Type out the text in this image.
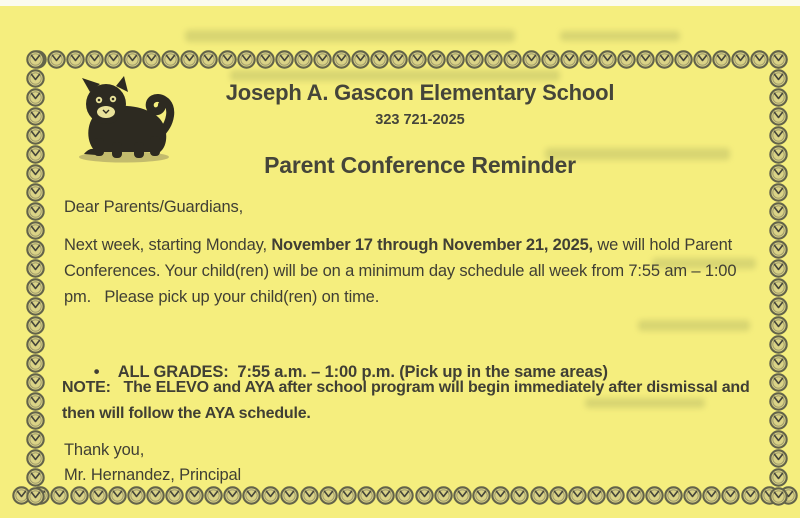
Joseph A. Gascon Elementary School
323 721-2025
Parent Conference Reminder
Dear Parents/Guardians,

Next week, starting Monday, November 17 through November 21, 2025, we will hold Parent Conferences. Your child(ren) will be on a minimum day schedule all week from 7:55 am – 1:00 pm.   Please pick up your child(ren) on time.

• ALL GRADES:  7:55 a.m. – 1:00 p.m. (Pick up in the same areas)

NOTE:   The ELEVO and AYA after school program will begin immediately after dismissal and then will follow the AYA schedule.

Thank you,
Mr. Hernandez, Principal
